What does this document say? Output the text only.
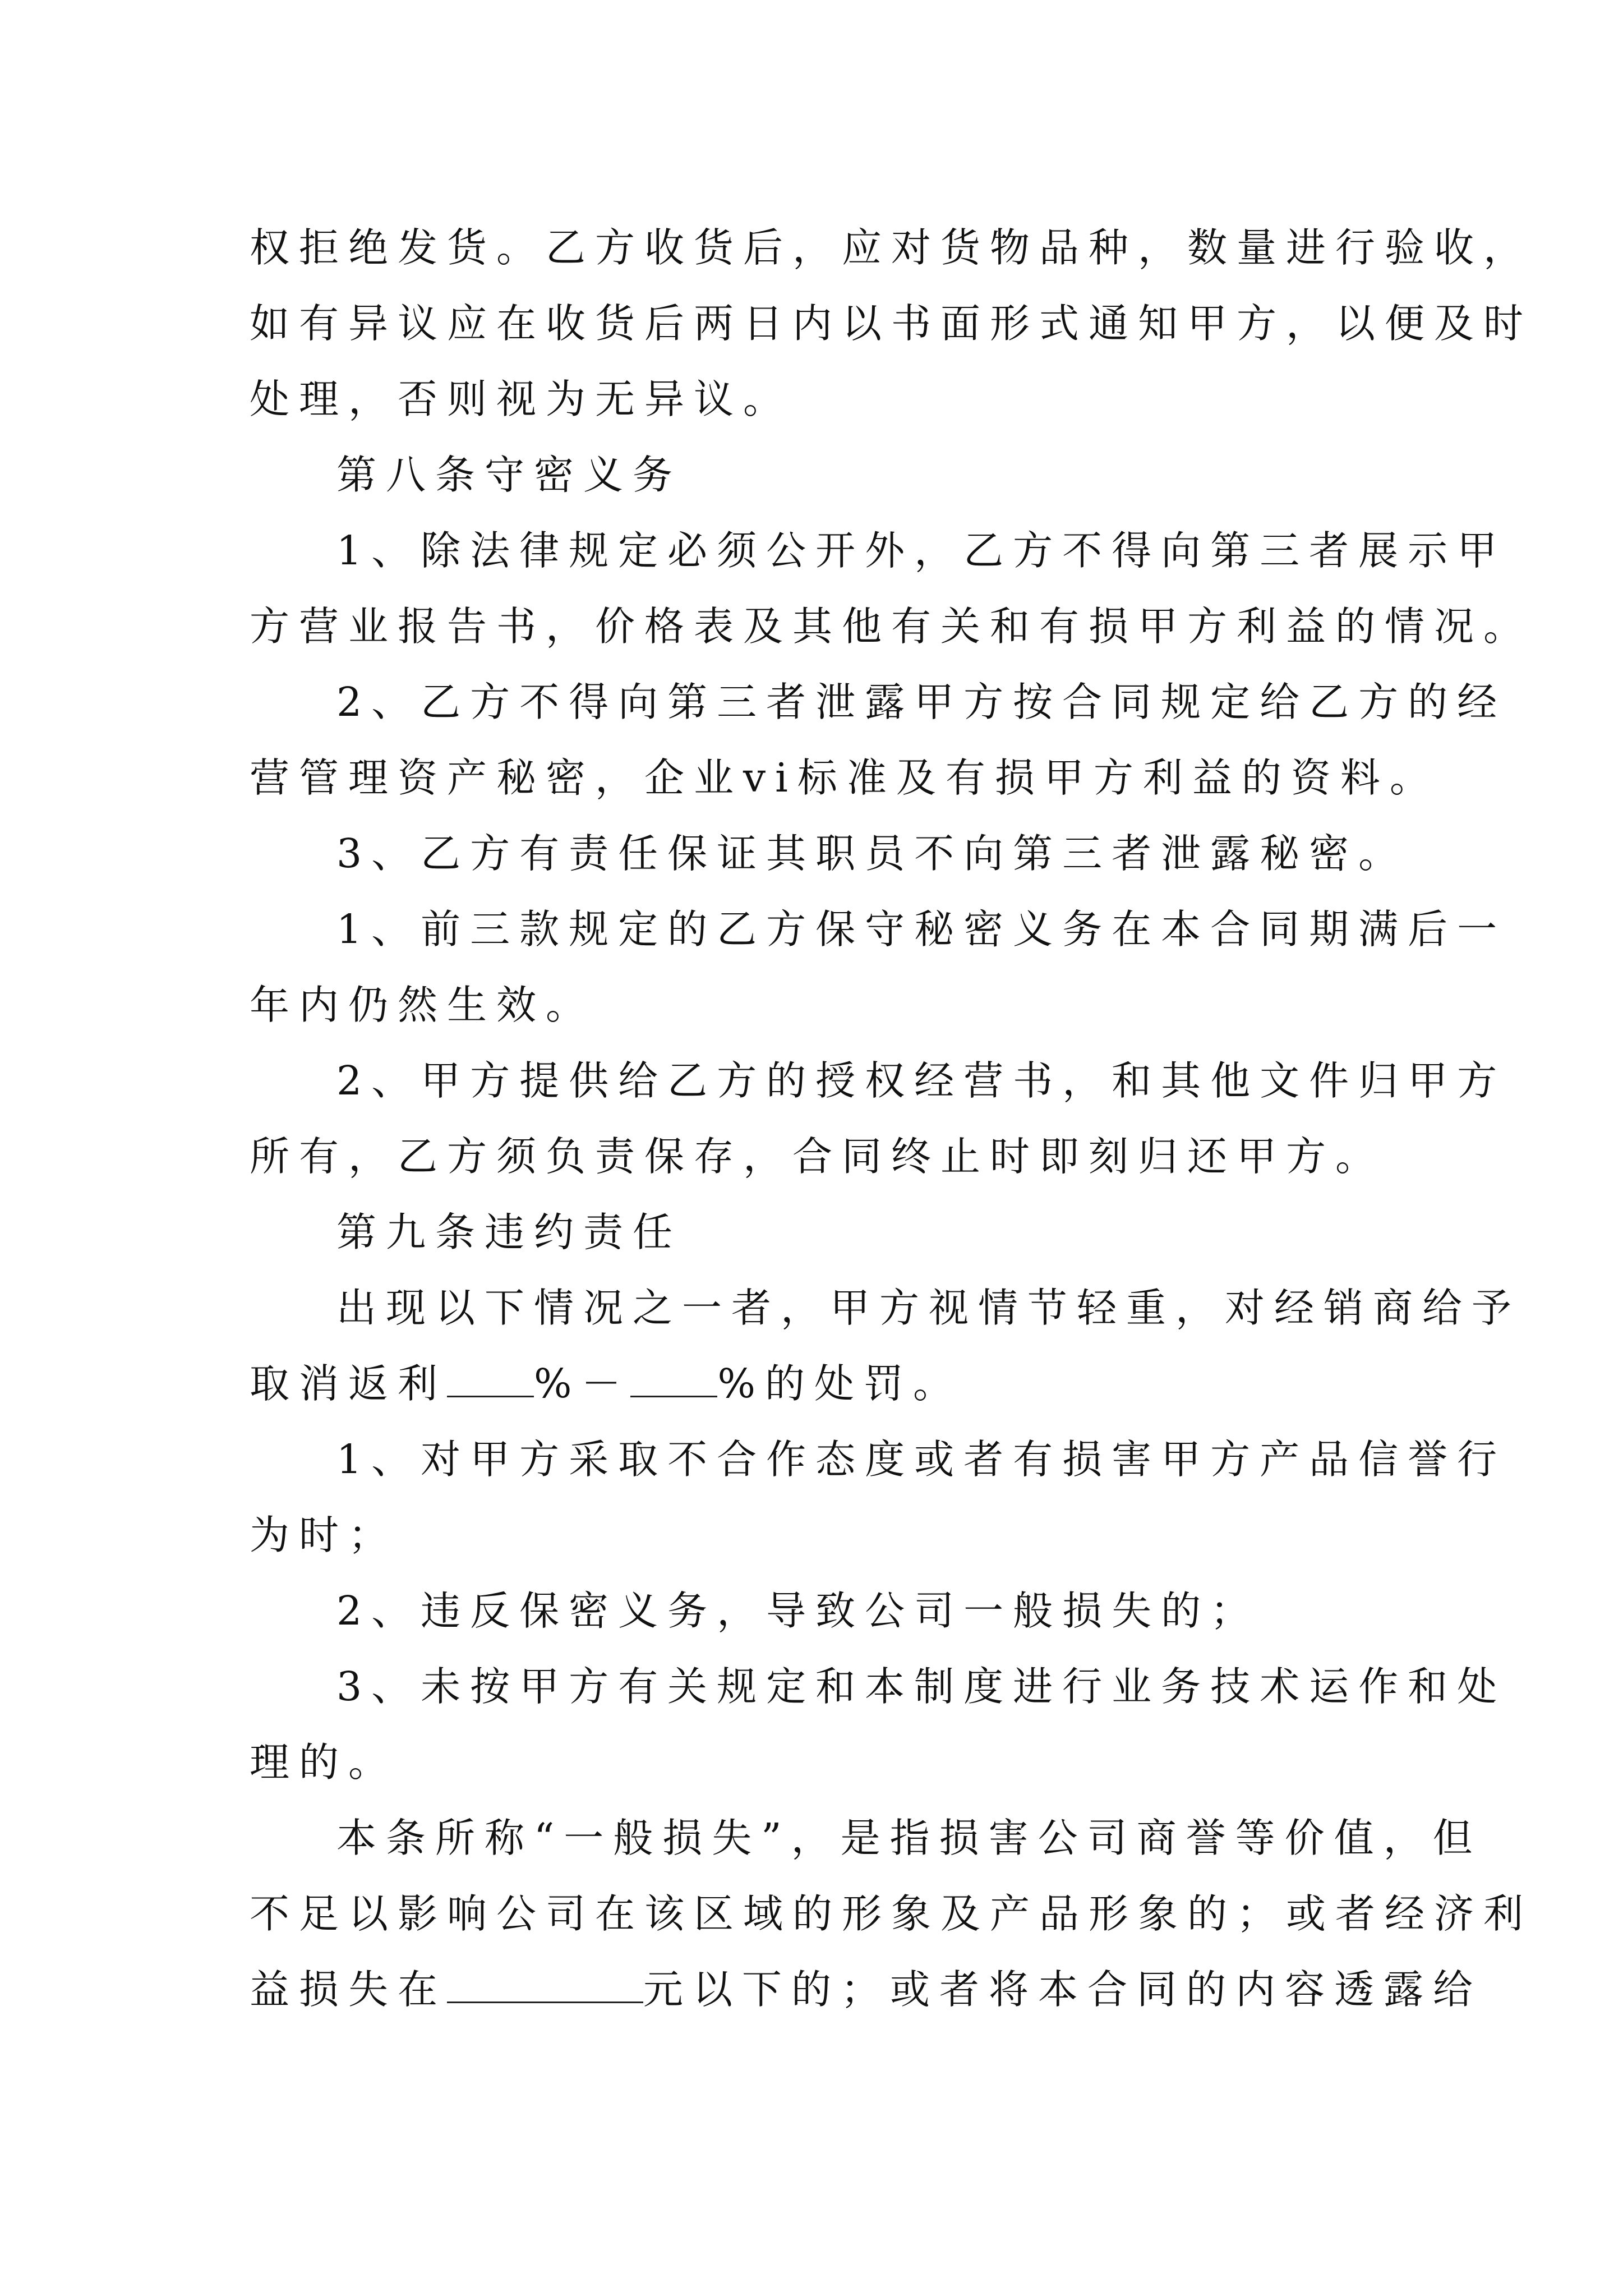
权拒绝发货。乙方收货后，应对货物品种，数量进行验收，

如有异议应在收货后两日内以书面形式通知甲方，以便及时

处理，否则视为无异议。

第八条守密义务

1、除法律规定必须公开外，乙方不得向第三者展示甲

方营业报告书，价格表及其他有关和有损甲方利益的情况。

2、乙方不得向第三者泄露甲方按合同规定给乙方的经

营管理资产秘密，企业vi标准及有损甲方利益的资料。

3、乙方有责任保证其职员不向第三者泄露秘密。

1、前三款规定的乙方保守秘密义务在本合同期满后一

年内仍然生效。

2、甲方提供给乙方的授权经营书，和其他文件归甲方

所有，乙方须负责保存，合同终止时即刻归还甲方。

第九条违约责任

出现以下情况之一者，甲方视情节轻重，对经销商给予

取消返利 %－ %的处罚。

1、对甲方采取不合作态度或者有损害甲方产品信誉行

为时；

2、违反保密义务，导致公司一般损失的；

3、未按甲方有关规定和本制度进行业务技术运作和处

理的。

本条所称“一般损失”，是指损害公司商誉等价值，但

不足以影响公司在该区域的形象及产品形象的；或者经济利

益损失在	元以下的；或者将本合同的内容透露给
